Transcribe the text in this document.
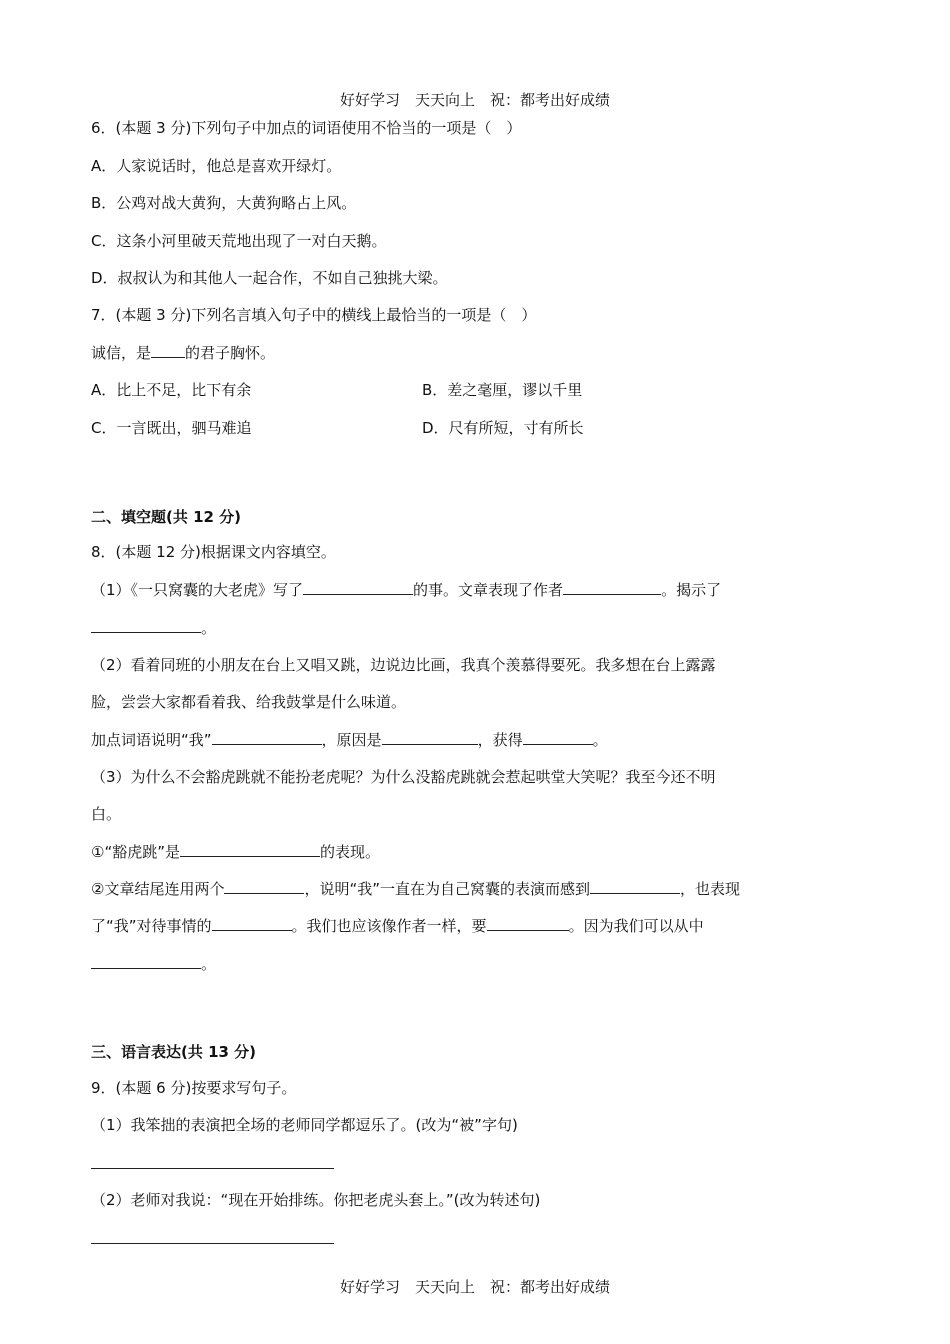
好好学习　天天向上　祝：都考出好成绩
6．(本题 3 分)下列句子中加点的词语使用不恰当的一项是（　）
A．人家说话时，他总是喜欢开绿灯。
B．公鸡对战大黄狗，大黄狗略占上风。
C．这条小河里破天荒地出现了一对白天鹅。
D．叔叔认为和其他人一起合作，不如自己独挑大梁。
7．(本题 3 分)下列名言填入句子中的横线上最恰当的一项是（　）
诚信，是 的君子胸怀。
A．比上不足，比下有余	B．差之毫厘，谬以千里
C．一言既出，驷马难追	D．尺有所短，寸有所长
二、填空题(共 12 分)
8．(本题 12 分)根据课文内容填空。
（1）《一只窝囊的大老虎》写了	的事。文章表现了作者	。揭示了
。
（2）看着同班的小朋友在台上又唱又跳，边说边比画，我真个羡慕得要死。我多想在台上露露
脸，尝尝大家都看着我、给我鼓掌是什么味道。
加点词语说明“我”	，原因是	，获得	。
（3）为什么不会豁虎跳就不能扮老虎呢？为什么没豁虎跳就会惹起哄堂大笑呢？我至今还不明
白。
①“豁虎跳”是	的表现。
②文章结尾连用两个	，说明“我”一直在为自己窝囊的表演而感到	，也表现
了“我”对待事情的	。我们也应该像作者一样，要	。因为我们可以从中
。
三、语言表达(共 13 分)
9．(本题 6 分)按要求写句子。
（1）我笨拙的表演把全场的老师同学都逗乐了。(改为“被”字句)
（2）老师对我说：“现在开始排练。你把老虎头套上。”(改为转述句)
好好学习　天天向上　祝：都考出好成绩
